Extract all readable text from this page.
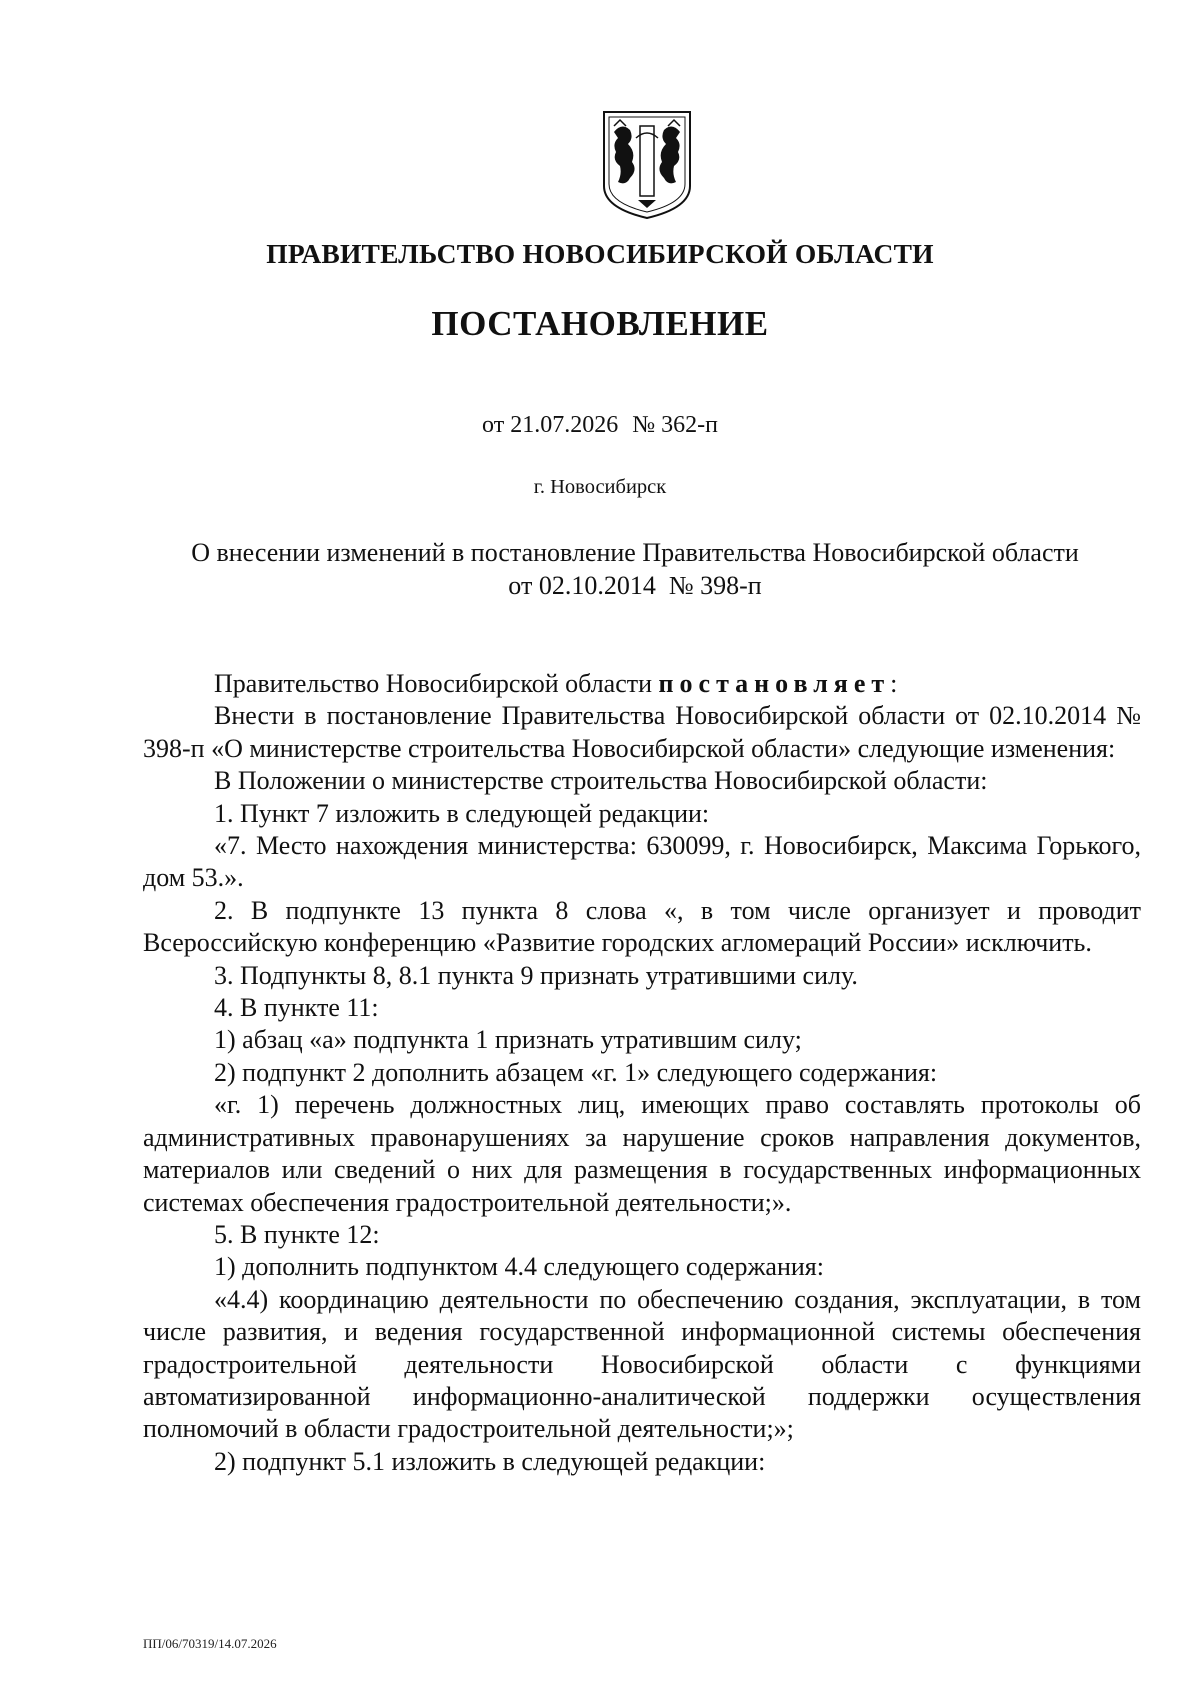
ПРАВИТЕЛЬСТВО НОВОСИБИРСКОЙ ОБЛАСТИ
ПОСТАНОВЛЕНИЕ
от 21.07.2026 № 362-п
г. Новосибирск
О внесении изменений в постановление Правительства Новосибирской области
от 02.10.2014  № 398-п

Правительство Новосибирской области постановляет:

Внести в постановление Правительства Новосибирской области от 02.10.2014 № 398-п «О министерстве строительства Новосибирской области» следующие изменения:

В Положении о министерстве строительства Новосибирской области:

1. Пункт 7 изложить в следующей редакции:

«7. Место нахождения министерства: 630099, г. Новосибирск, Максима Горького, дом 53.».

2. В подпункте 13 пункта 8 слова «, в том числе организует и проводит Всероссийскую конференцию «Развитие городских агломераций России» исключить.

3. Подпункты 8, 8.1 пункта 9 признать утратившими силу.

4. В пункте 11:

1) абзац «а» подпункта 1 признать утратившим силу;

2) подпункт 2 дополнить абзацем «г. 1» следующего содержания:

«г. 1) перечень должностных лиц, имеющих право составлять протоколы об административных правонарушениях за нарушение сроков направления документов, материалов или сведений о них для размещения в государственных информационных системах обеспечения градостроительной деятельности;».

5. В пункте 12:

1) дополнить подпунктом 4.4 следующего содержания:

«4.4) координацию деятельности по обеспечению создания, эксплуатации, в том числе развития, и ведения государственной информационной системы обеспечения градостроительной деятельности Новосибирской области с функциями автоматизированной информационно-аналитической поддержки осуществления полномочий в области градостроительной деятельности;»;

2) подпункт 5.1 изложить в следующей редакции:

ПП/06/70319/14.07.2026
